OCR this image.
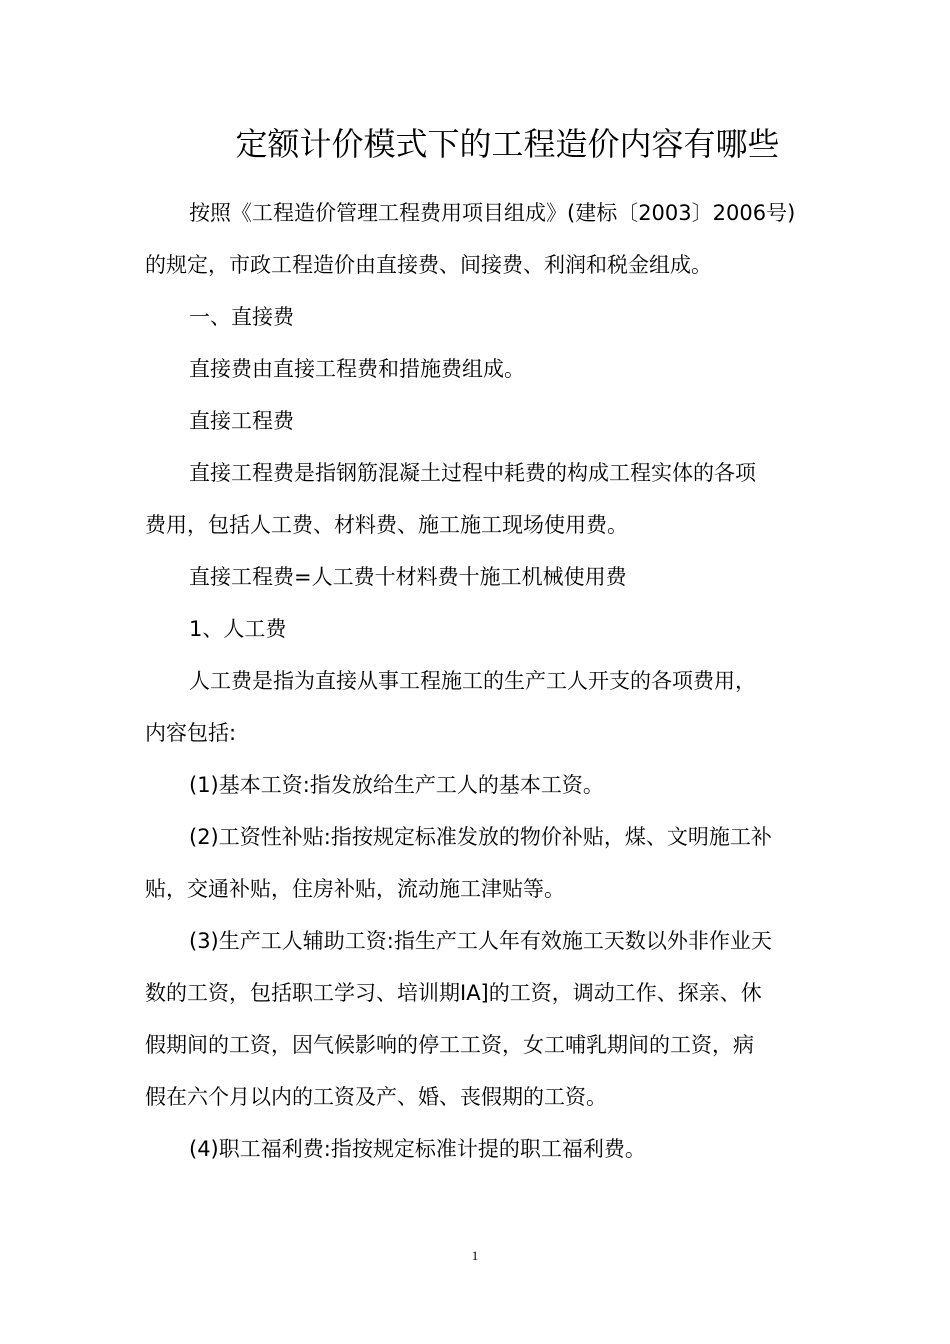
定额计价模式下的工程造价内容有哪些

按照《工程造价管理工程费用项目组成》(建标〔2003〕2006号)

的规定，市政工程造价由直接费、间接费、利润和税金组成。

一、直接费

直接费由直接工程费和措施费组成。

直接工程费

直接工程费是指钢筋混凝土过程中耗费的构成工程实体的各项

费用，包括人工费、材料费、施工施工现场使用费。

直接工程费=人工费十材料费十施工机械使用费

1、人工费

人工费是指为直接从事工程施工的生产工人开支的各项费用，

内容包括:

(1)基本工资:指发放给生产工人的基本工资。

(2)工资性补贴:指按规定标准发放的物价补贴，煤、文明施工补

贴，交通补贴，住房补贴，流动施工津贴等。

(3)生产工人辅助工资:指生产工人年有效施工天数以外非作业天

数的工资，包括职工学习、培训期IA]的工资，调动工作、探亲、休

假期间的工资，因气候影响的停工工资，女工哺乳期间的工资，病

假在六个月以内的工资及产、婚、丧假期的工资。

(4)职工福利费:指按规定标准计提的职工福利费。

1
